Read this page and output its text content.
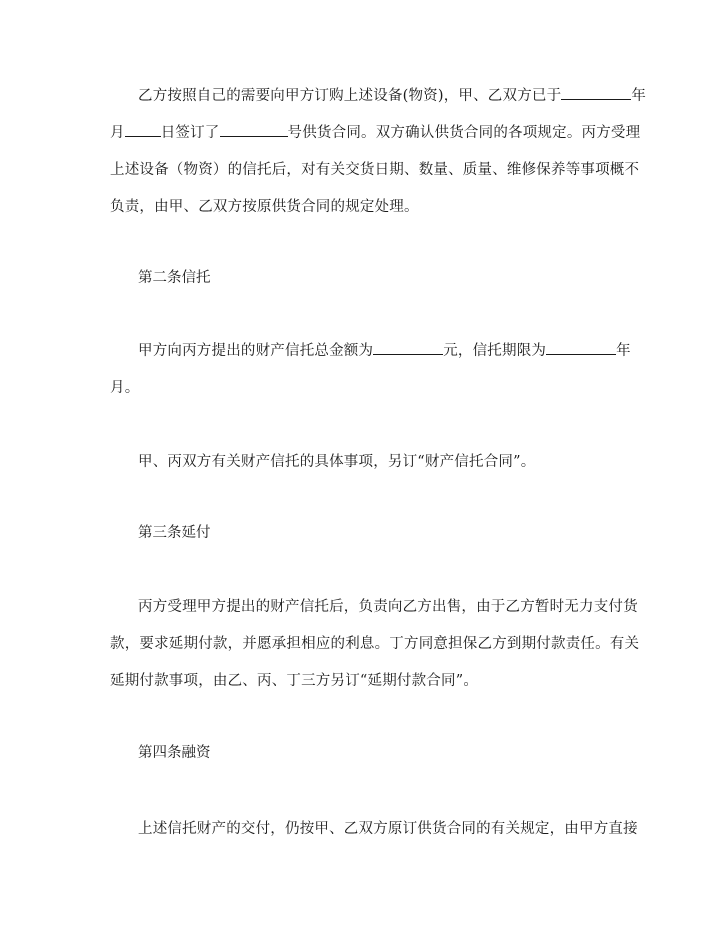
乙方按照自己的需要向甲方订购上述设备(物资)，甲、乙双方已于	年
月 日签订了	号供货合同。双方确认供货合同的各项规定。丙方受理
上述设备（物资）的信托后，对有关交货日期、数量、质量、维修保养等事项概不
负责，由甲、乙双方按原供货合同的规定处理。

第二条信托

甲方向丙方提出的财产信托总金额为	元，信托期限为	年
月。
甲、丙双方有关财产信托的具体事项，另订“财产信托合同”。

第三条延付

丙方受理甲方提出的财产信托后，负责向乙方出售，由于乙方暂时无力支付货
款，要求延期付款，并愿承担相应的利息。丁方同意担保乙方到期付款责任。有关
延期付款事项，由乙、丙、丁三方另订“延期付款合同”。

第四条融资

上述信托财产的交付，仍按甲、乙双方原订供货合同的有关规定，由甲方直接
